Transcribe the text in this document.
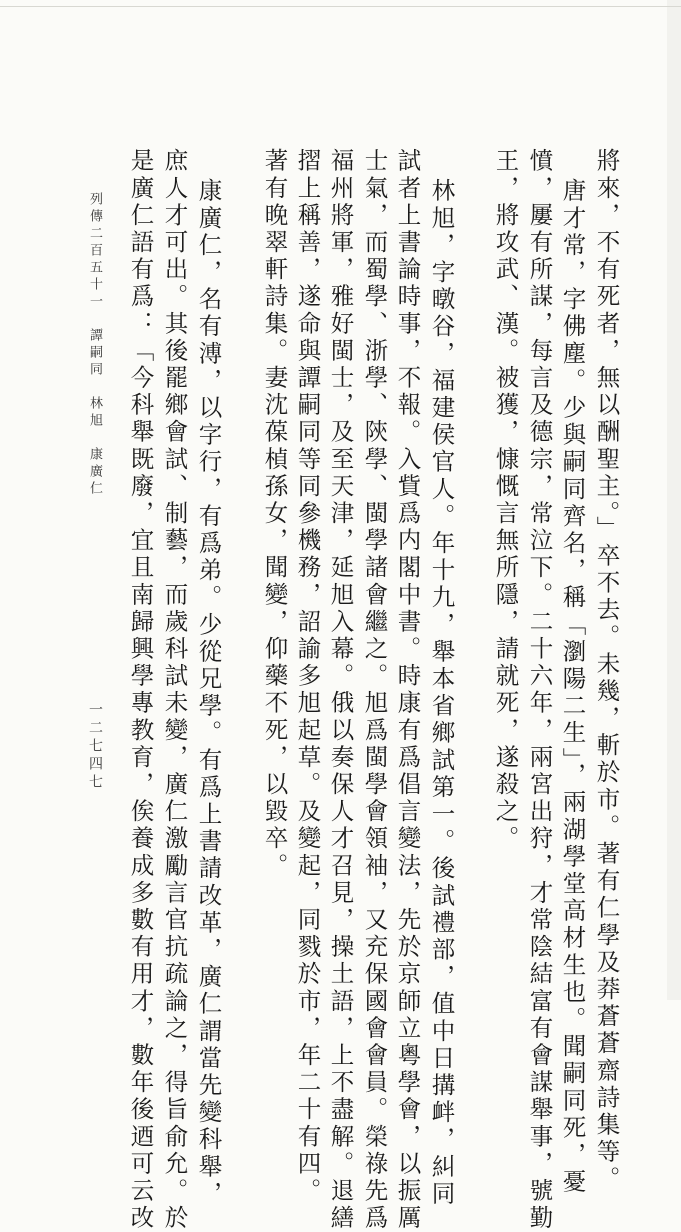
將來，不有死者，無以酬聖主。」卒不去。未幾，斬於市。著有仁學及莽蒼蒼齋詩集等。
唐才常，字佛塵。少與嗣同齊名，稱「瀏陽二生」，兩湖學堂高材生也。聞嗣同死，憂
憤，屢有所謀，每言及德宗，常泣下。二十六年，兩宮出狩，才常陰結富有會謀舉事，號勤
王，將攻武、漢。被獲，慷慨言無所隱，請就死，遂殺之。
林旭，字暾谷，福建侯官人。年十九，舉本省鄉試第一。後試禮部，值中日搆衅，糾同
試者上書論時事，不報。入貲爲内閣中書。時康有爲倡言變法，先於京師立粵學會，以振厲
士氣，而蜀學、浙學、陝學、閩學諸會繼之。旭爲閩學會領袖，又充保國會會員。榮祿先爲
福州將軍，雅好閩士，及至天津，延旭入幕。俄以奏保人才召見，操土語，上不盡解。退繕
摺上稱善，遂命與譚嗣同等同參機務，詔諭多旭起草。及變起，同戮於市，年二十有四。
著有晚翠軒詩集。妻沈葆楨孫女，聞變，仰藥不死，以毀卒。
康廣仁，名有溥，以字行，有爲弟。少從兄學。有爲上書請改革，廣仁謂當先變科舉，
庶人才可出。其後罷鄉會試、制藝，而歲科試未變，廣仁激勵言官抗疏論之，得旨俞允。於
是廣仁語有爲：「今科舉既廢，宜且南歸興學專教育，俟養成多數有用才，數年後迺可云改
列傳二百五十一　譚嗣同　林旭　康廣仁
一二七四七
